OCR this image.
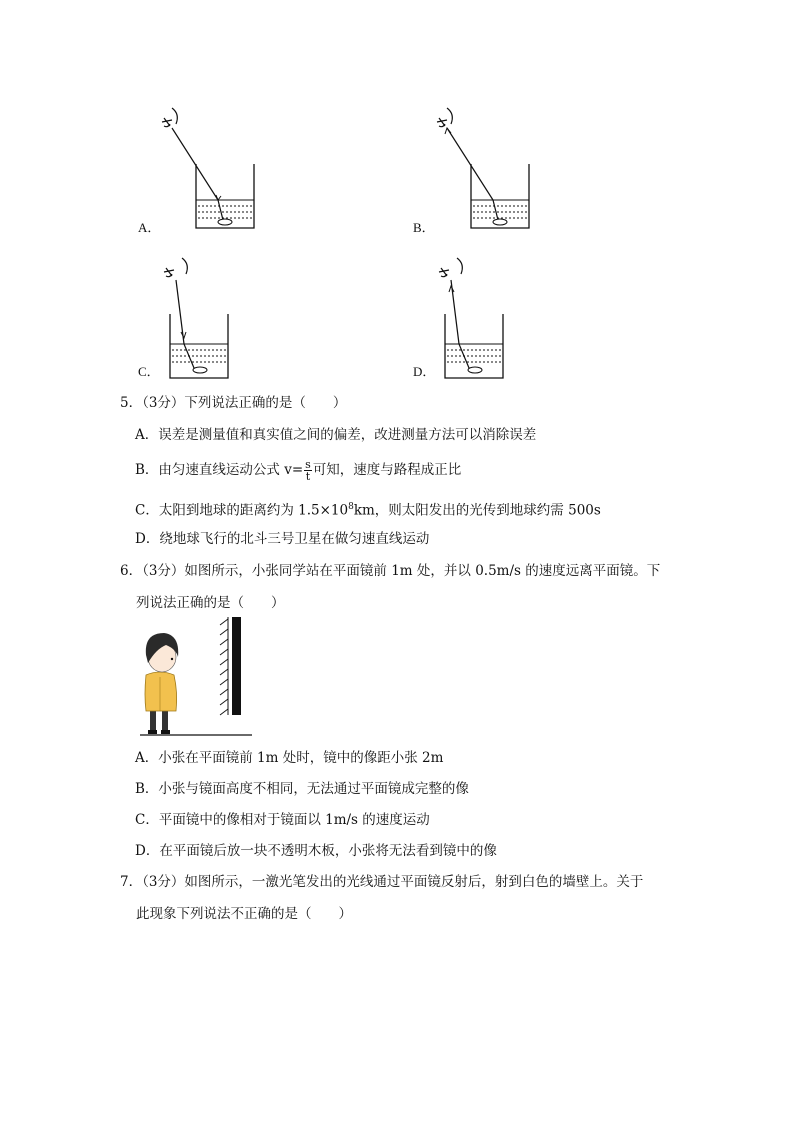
A．	B．
C．	D．
5．（3分）下列说法正确的是（　　）
A．误差是测量值和真实值之间的偏差，改进测量方法可以消除误差
B．由匀速直线运动公式 $v= \frac{s}{t}$ 可知，速度与路程成正比
C．太阳到地球的距离约为 $1.5\times 10^8km$，则太阳发出的光传到地球约需 500s
D．绕地球飞行的北斗三号卫星在做匀速直线运动
6．（3分）如图所示，小张同学站在平面镜前 1m 处，并以 0.5m/s 的速度远离平面镜。下
列说法正确的是（　　）
A．小张在平面镜前 1m 处时，镜中的像距小张 2m
B．小张与镜面高度不相同，无法通过平面镜成完整的像
C．平面镜中的像相对于镜面以 1m/s 的速度运动
D．在平面镜后放一块不透明木板，小张将无法看到镜中的像
7．（3分）如图所示，一激光笔发出的光线通过平面镜反射后，射到白色的墙壁上。关于
此现象下列说法不正确的是（　　）
